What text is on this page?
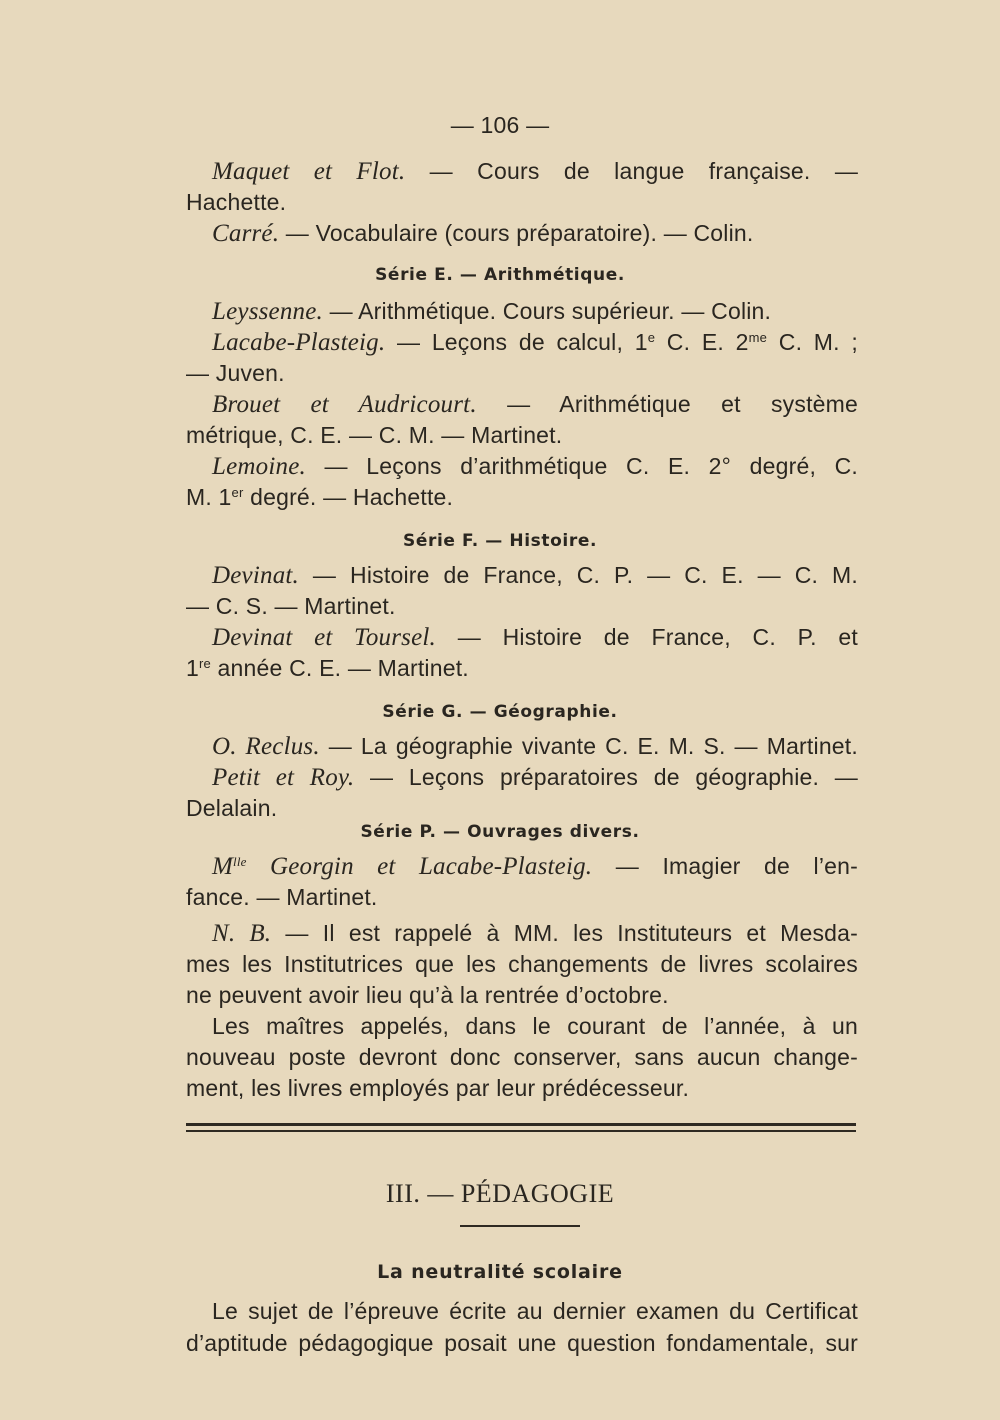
— 106 —
Maquet et Flot. — Cours de langue française. —
Hachette.
Carré. — Vocabulaire (cours préparatoire). — Colin.
Série E. — Arithmétique.
Leyssenne. — Arithmétique. Cours supérieur. — Colin.
Lacabe-Plasteig. — Leçons de calcul, 1e C. E. $2^{me}$ C. M. ;
— Juven.
Brouet et Audricourt. — Arithmétique et système
métrique, C. E. — C. M. — Martinet.
Lemoine. — Leçons d’arithmétique C. E. 2° degré, C.
M. 1er degré. — Hachette.
Série F. — Histoire.
Devinat. — Histoire de France, C. P. — C. E. — C. M.
— C. S. — Martinet.
Devinat et Toursel. — Histoire de France, C. P. et
1re année C. E. — Martinet.
Série G. — Géographie.
O. Reclus. — La géographie vivante C. E. M. S. — Martinet.
Petit et Roy. — Leçons préparatoires de géographie. —
Delalain.
Série P. — Ouvrages divers.
$M^{lle}$ Georgin et Lacabe-Plasteig. — Imagier de l’en-
fance. — Martinet.
N. B. — Il est rappelé à MM. les Instituteurs et Mesda-
mes les Institutrices que les changements de livres scolaires
ne peuvent avoir lieu qu’à la rentrée d’octobre.
Les maîtres appelés, dans le courant de l’année, à un
nouveau poste devront donc conserver, sans aucun change-
ment, les livres employés par leur prédécesseur.
III. — PÉDAGOGIE
La neutralité scolaire
Le sujet de l’épreuve écrite au dernier examen du Certificat
d’aptitude pédagogique posait une question fondamentale, sur
